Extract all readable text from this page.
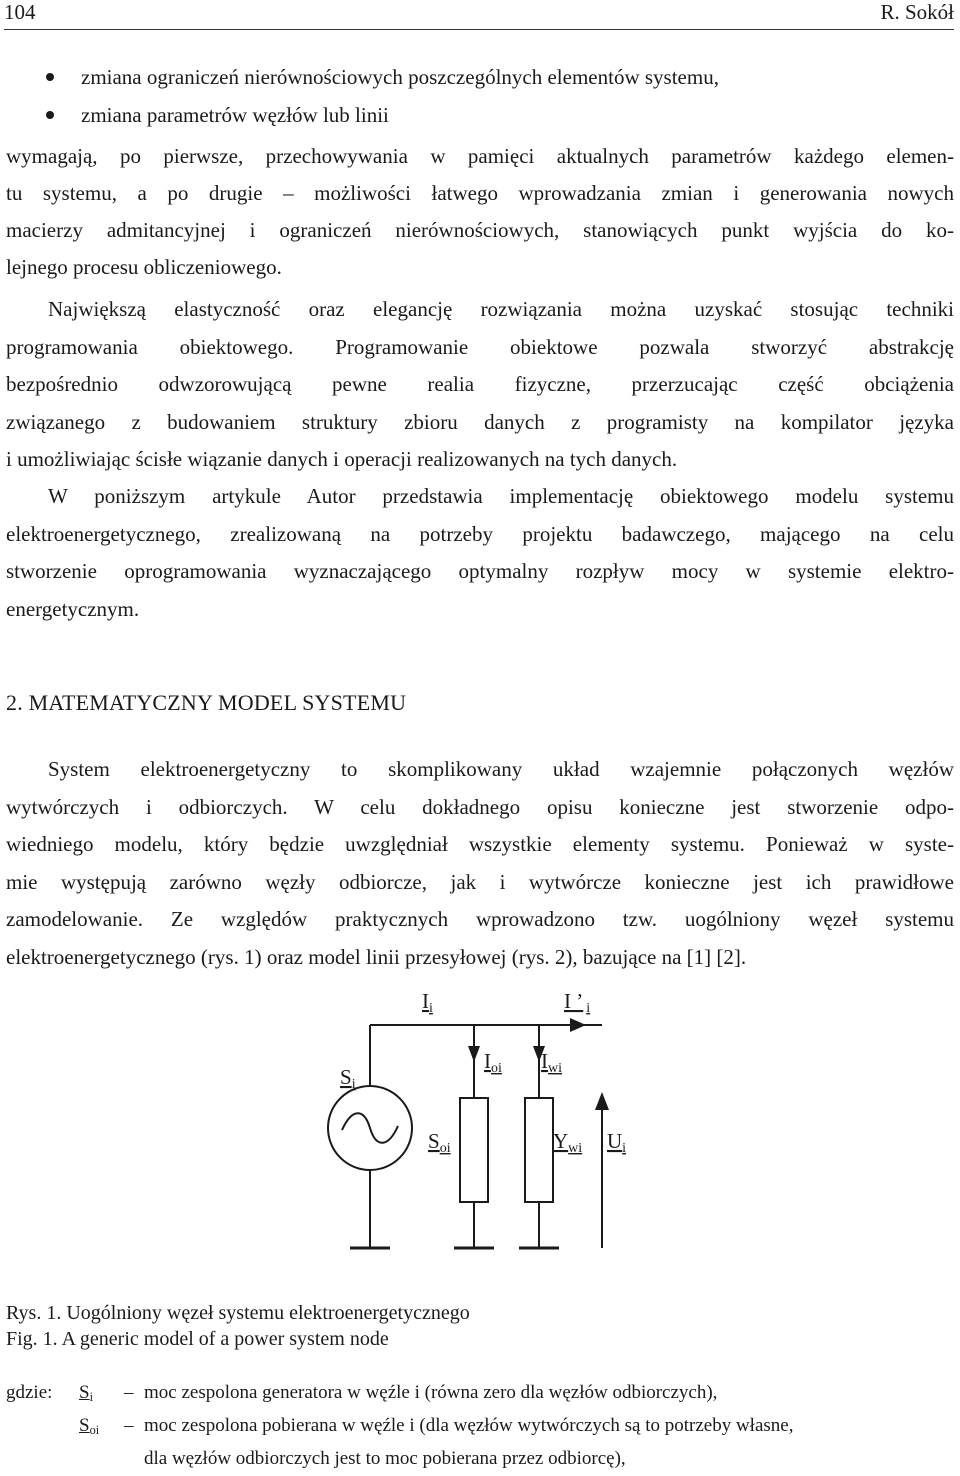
104	R. Sokół
zmiana ograniczeń nierównościowych poszczególnych elementów systemu,
zmiana parametrów węzłów lub linii
wymagają, po pierwsze, przechowywania w pamięci aktualnych parametrów każdego elemen-
tu systemu, a po drugie – możliwości łatwego wprowadzania zmian i generowania nowych
macierzy admitancyjnej i ograniczeń nierównościowych, stanowiących punkt wyjścia do ko-
lejnego procesu obliczeniowego.
Największą elastyczność oraz elegancję rozwiązania można uzyskać stosując techniki
programowania obiektowego. Programowanie obiektowe pozwala stworzyć abstrakcję
bezpośrednio odwzorowującą pewne realia fizyczne, przerzucając część obciążenia
związanego z budowaniem struktury zbioru danych z programisty na kompilator języka
i umożliwiając ścisłe wiązanie danych i operacji realizowanych na tych danych.
W poniższym artykule Autor przedstawia implementację obiektowego modelu systemu
elektroenergetycznego, zrealizowaną na potrzeby projektu badawczego, mającego na celu
stworzenie oprogramowania wyznaczającego optymalny rozpływ mocy w systemie elektro-
energetycznym.
2. MATEMATYCZNY MODEL SYSTEMU
System elektroenergetyczny to skomplikowany układ wzajemnie połączonych węzłów
wytwórczych i odbiorczych. W celu dokładnego opisu konieczne jest stworzenie odpo-
wiedniego modelu, który będzie uwzględniał wszystkie elementy systemu. Ponieważ w syste-
mie występują zarówno węzły odbiorcze, jak i wytwórcze konieczne jest ich prawidłowe
zamodelowanie. Ze względów praktycznych wprowadzono tzw. uogólniony węzeł systemu
elektroenergetycznego (rys. 1) oraz model linii przesyłowej (rys. 2), bazujące na [1] [2].
Ii	I ’ i
Si
Ioi Iwi
Soi	Ywi Ui
Rys. 1. Uogólniony węzeł systemu elektroenergetycznego
Fig. 1. A generic model of a power system node
gdzie: $S_i$ – moc zespolona generatora w węźle i (równa zero dla węzłów odbiorczych),
$S_{oi}$ – moc zespolona pobierana w węźle i (dla węzłów wytwórczych są to potrzeby własne,
dla węzłów odbiorczych jest to moc pobierana przez odbiorcę),
